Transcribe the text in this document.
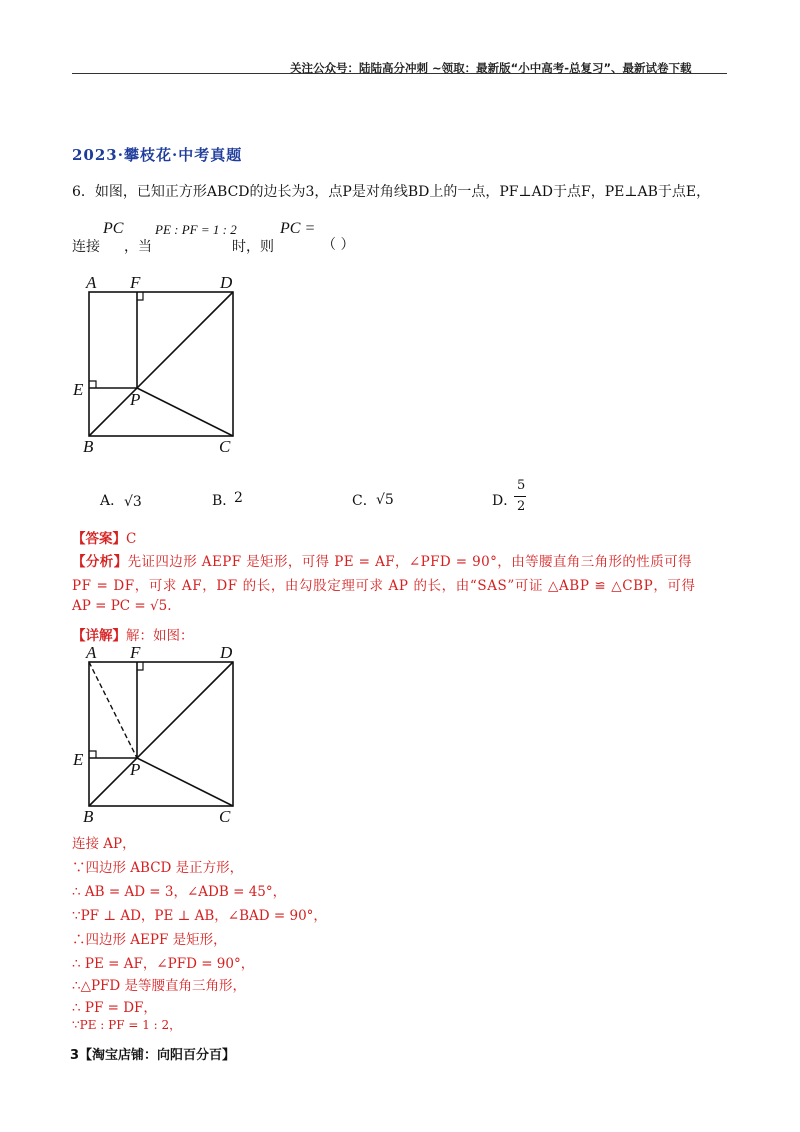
关注公众号：陆陆高分冲刺 ~领取：最新版“小中高考-总复习”、最新试卷下载
2023·攀枝花·中考真题
6．如图，已知正方形ABCD的边长为3，点P是对角线BD上的一点，PF⊥AD于点F，PE⊥AB于点E，
连接
PC
，当
PE : PF = 1 : 2
时，则
PC =
（ ）
A F	D
E
P
B	C
A． √3	B．
2	C． √5	D．
5
2
【答案】C
【分析】先证四边形 AEPF 是矩形，可得 PE = AF，∠PFD = 90°，由等腰直角三角形的性质可得
PF = DF，可求 AF，DF 的长，由勾股定理可求 AP 的长，由“SAS”可证 △ABP ≌ △CBP，可得
AP = PC = √5.
【详解】解：如图：
A F	D
E
P
B	C
连接 AP，
∵四边形 ABCD 是正方形，
∴ AB = AD = 3，∠ADB = 45°，
∵PF ⊥ AD，PE ⊥ AB，∠BAD = 90°，
∴四边形 AEPF 是矩形，
∴ PE = AF，∠PFD = 90°，
∴△PFD 是等腰直角三角形，
∴ PF = DF，
∵PE : PF = 1 : 2，
3【淘宝店铺：向阳百分百】
